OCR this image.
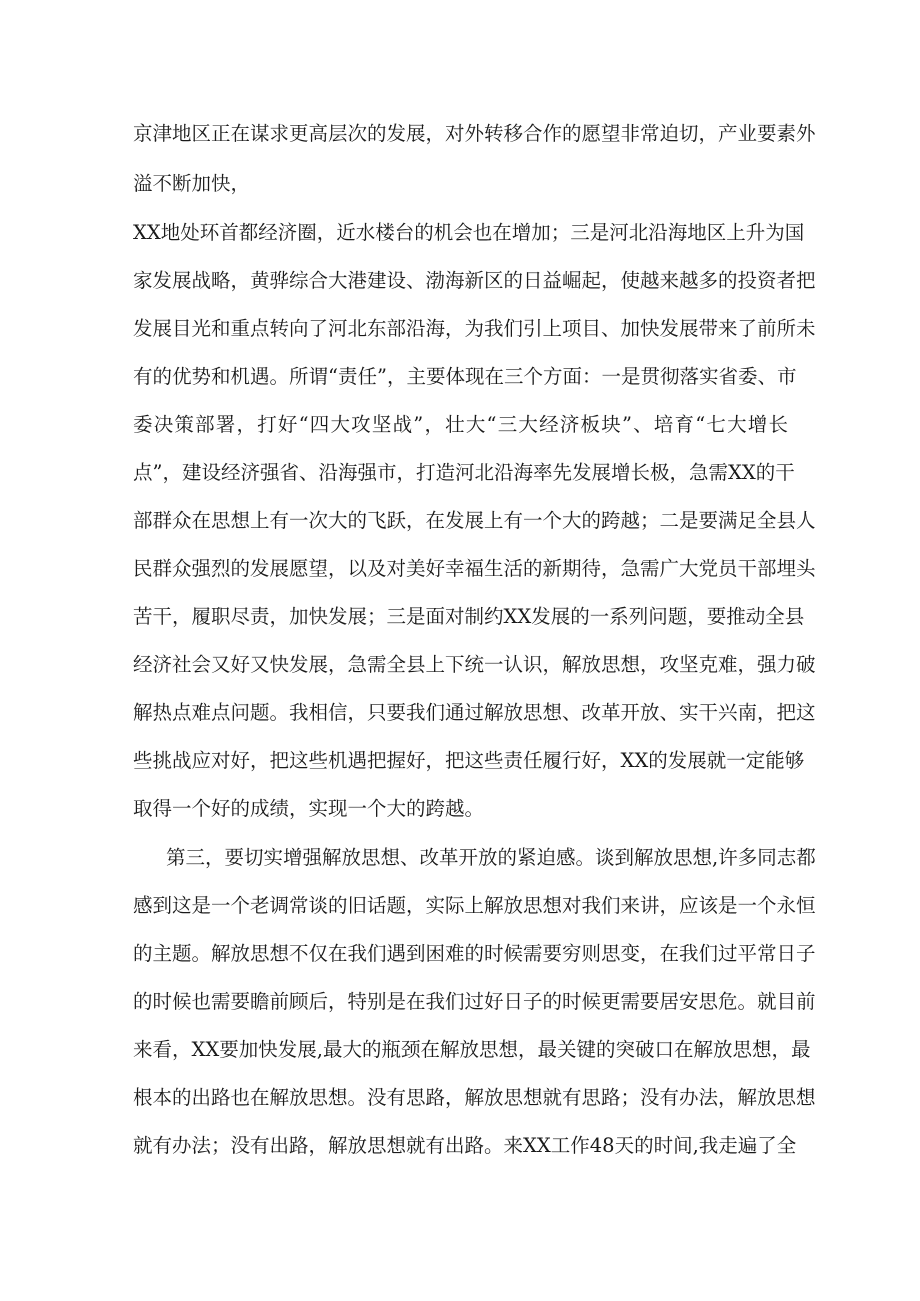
京津地区正在谋求更高层次的发展，对外转移合作的愿望非常迫切，产业要素外
溢不断加快，
XX地处环首都经济圈，近水楼台的机会也在增加；三是河北沿海地区上升为国
家发展战略，黄骅综合大港建设、渤海新区的日益崛起，使越来越多的投资者把
发展目光和重点转向了河北东部沿海，为我们引上项目、加快发展带来了前所未
有的优势和机遇。所谓“责任”，主要体现在三个方面：一是贯彻落实省委、市
委决策部署，打好“四大攻坚战”，壮大“三大经济板块”、培育“七大增长
点”，建设经济强省、沿海强市，打造河北沿海率先发展增长极，急需XX的干
部群众在思想上有一次大的飞跃，在发展上有一个大的跨越；二是要满足全县人
民群众强烈的发展愿望，以及对美好幸福生活的新期待，急需广大党员干部埋头
苦干，履职尽责，加快发展；三是面对制约XX发展的一系列问题，要推动全县
经济社会又好又快发展，急需全县上下统一认识，解放思想，攻坚克难，强力破
解热点难点问题。我相信，只要我们通过解放思想、改革开放、实干兴南，把这
些挑战应对好，把这些机遇把握好，把这些责任履行好，XX的发展就一定能够
取得一个好的成绩，实现一个大的跨越。
第三，要切实增强解放思想、改革开放的紧迫感。谈到解放思想,许多同志都
感到这是一个老调常谈的旧话题，实际上解放思想对我们来讲，应该是一个永恒
的主题。解放思想不仅在我们遇到困难的时候需要穷则思变，在我们过平常日子
的时候也需要瞻前顾后，特别是在我们过好日子的时候更需要居安思危。就目前
来看，XX要加快发展,最大的瓶颈在解放思想，最关键的突破口在解放思想，最
根本的出路也在解放思想。没有思路，解放思想就有思路；没有办法，解放思想
就有办法；没有出路，解放思想就有出路。来XX工作48天的时间,我走遍了全
